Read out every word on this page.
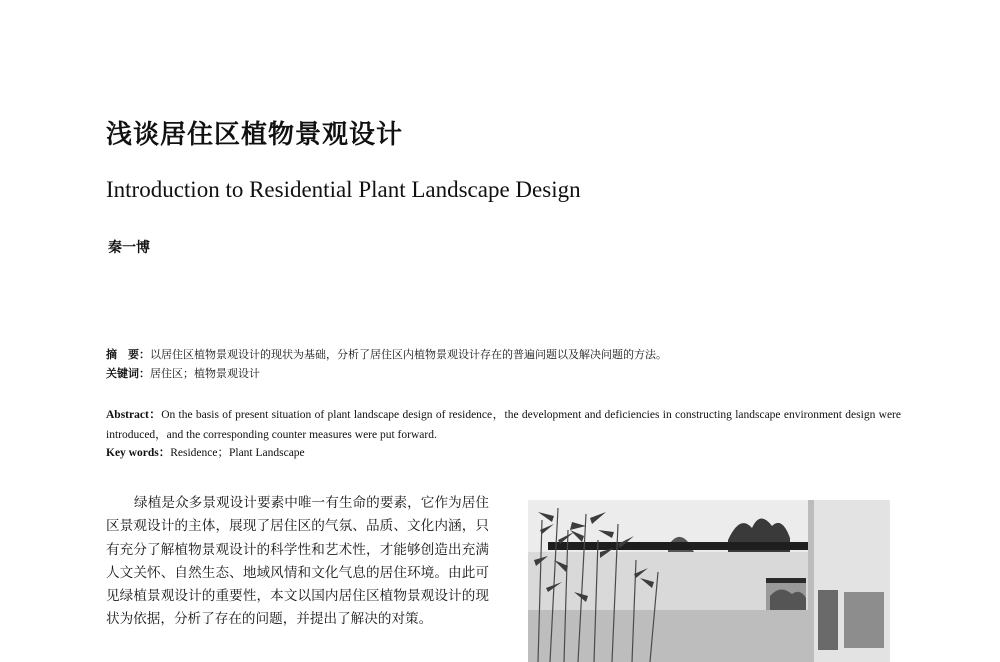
浅谈居住区植物景观设计
Introduction to Residential Plant Landscape Design
秦一博
摘　要：以居住区植物景观设计的现状为基础，分析了居住区内植物景观设计存在的普遍问题以及解决问题的方法。
关键词：居住区；植物景观设计
Abstract：On the basis of present situation of plant landscape design of residence，the development and deficiencies in constructing landscape environment design were introduced，and the corresponding counter measures were put forward.
Key words：Residence；Plant Landscape
绿植是众多景观设计要素中唯一有生命的要素，它作为居住区景观设计的主体，展现了居住区的气氛、品质、文化内涵，只有充分了解植物景观设计的科学性和艺术性，才能够创造出充满人文关怀、自然生态、地域风情和文化气息的居住环境。由此可见绿植景观设计的重要性，本文以国内居住区植物景观设计的现状为依据，分析了存在的问题，并提出了解决的对策。
